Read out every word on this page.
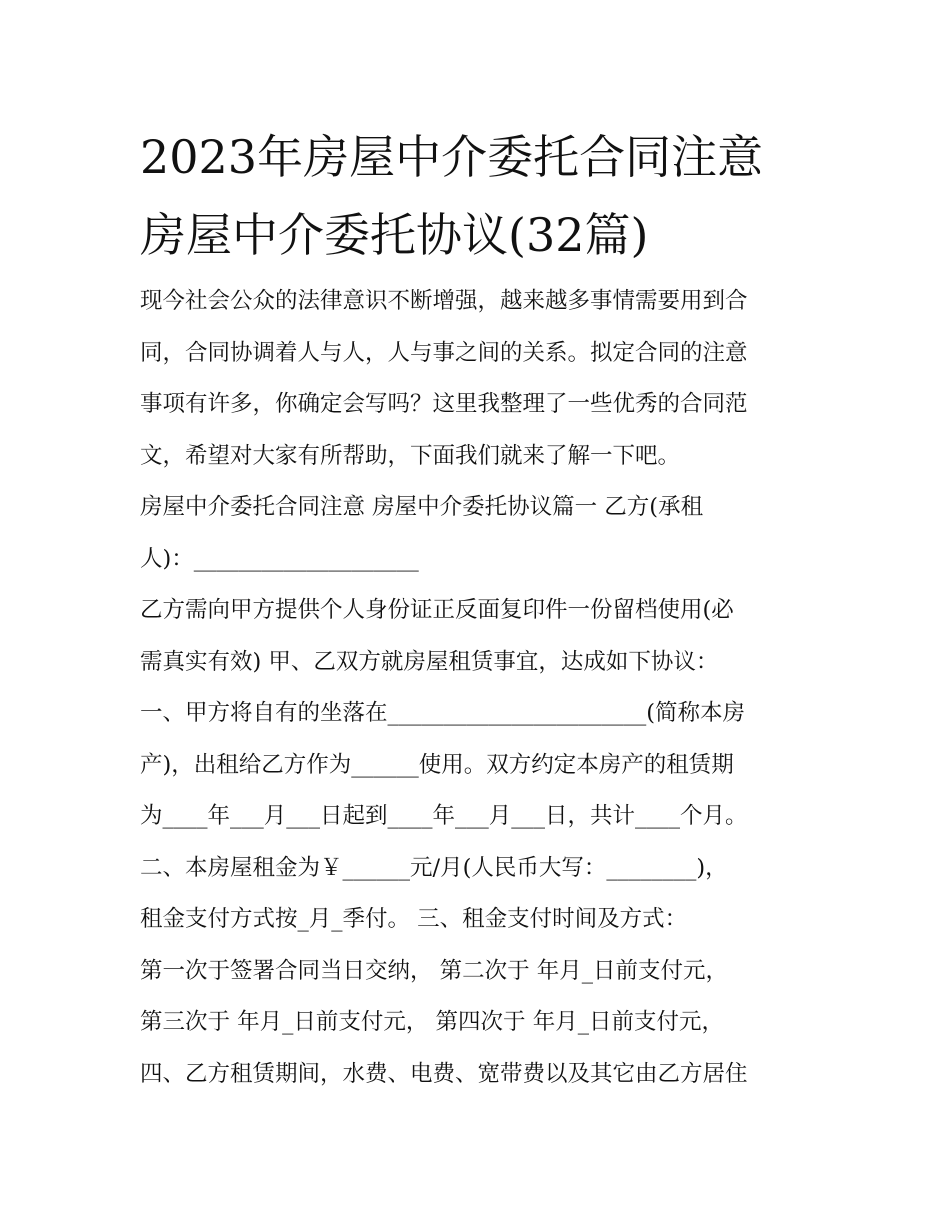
2023年房屋中介委托合同注意
房屋中介委托协议(32篇)
现今社会公众的法律意识不断增强，越来越多事情需要用到合
同，合同协调着人与人，人与事之间的关系。拟定合同的注意
事项有许多，你确定会写吗？这里我整理了一些优秀的合同范
文，希望对大家有所帮助，下面我们就来了解一下吧。
房屋中介委托合同注意 房屋中介委托协议篇一 乙方(承租
人)：____________________
乙方需向甲方提供个人身份证正反面复印件一份留档使用(必
需真实有效) 甲、乙双方就房屋租赁事宜，达成如下协议：
一、甲方将自有的坐落在_______________________(简称本房
产)，出租给乙方作为______使用。双方约定本房产的租赁期
为____年___月___日起到____年___月___日，共计____个月。
二、本房屋租金为￥______元/月(人民币大写：________)，
租金支付方式按_月_季付。 三、租金支付时间及方式：
第一次于签署合同当日交纳， 第二次于 年月_日前支付元，
第三次于 年月_日前支付元， 第四次于 年月_日前支付元，
四、乙方租赁期间，水费、电费、宽带费以及其它由乙方居住
